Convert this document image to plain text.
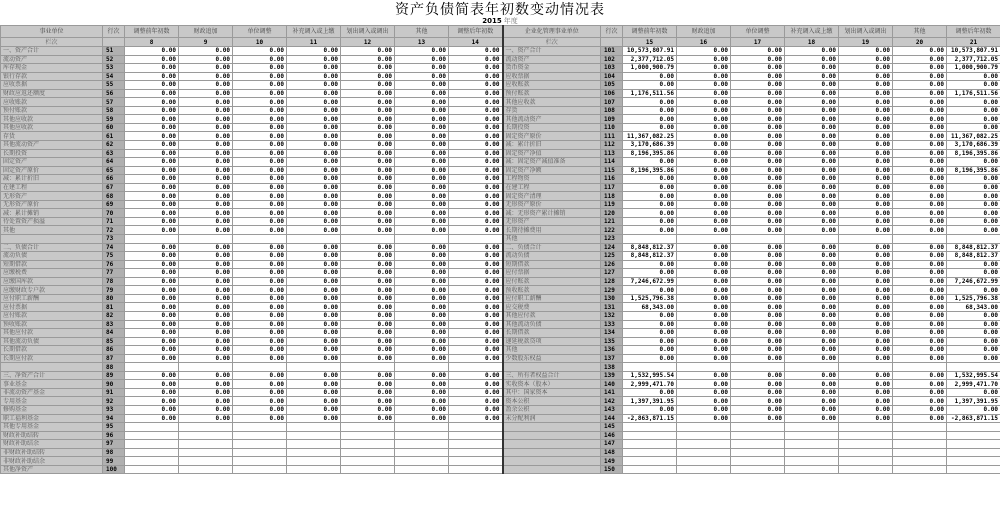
资产负债简表年初数变动情况表
2015 年度
事业单位	行次	调整前年初数	财政追加	单位调整	补充调入或上缴	划出调入或调出	其他	调整后年初数	企业化管理事业单位	行次	调整前年初数	财政追加	单位调整	补充调入或上缴	划出调入或调出	其他	调整后年初数
栏次		8	9	10	11	12	13	14	栏次		15	16	17	18	19	20	21
一、资产合计	51	0.00	0.00	0.00	0.00	0.00	0.00	0.00	一、资产合计	101	10,573,807.91	0.00	0.00	0.00	0.00	0.00	10,573,807.91
流动资产	52	0.00	0.00	0.00	0.00	0.00	0.00	0.00	流动资产	102	2,377,712.05	0.00	0.00	0.00	0.00	0.00	2,377,712.05
库存现金	53	0.00	0.00	0.00	0.00	0.00	0.00	0.00	货币资金	103	1,000,900.79	0.00	0.00	0.00	0.00	0.00	1,000,900.79
银行存款	54	0.00	0.00	0.00	0.00	0.00	0.00	0.00	应收票据	104	0.00	0.00	0.00	0.00	0.00	0.00	0.00
应收票据	55	0.00	0.00	0.00	0.00	0.00	0.00	0.00	应收账款	105	0.00	0.00	0.00	0.00	0.00	0.00	0.00
财政应返还额度	56	0.00	0.00	0.00	0.00	0.00	0.00	0.00	预付账款	106	1,176,511.56	0.00	0.00	0.00	0.00	0.00	1,176,511.56
应收账款	57	0.00	0.00	0.00	0.00	0.00	0.00	0.00	其他应收款	107	0.00	0.00	0.00	0.00	0.00	0.00	0.00
预付账款	58	0.00	0.00	0.00	0.00	0.00	0.00	0.00	存货	108	0.00	0.00	0.00	0.00	0.00	0.00	0.00
其他应收款	59	0.00	0.00	0.00	0.00	0.00	0.00	0.00	其他流动资产	109	0.00	0.00	0.00	0.00	0.00	0.00	0.00
其他应收款	60	0.00	0.00	0.00	0.00	0.00	0.00	0.00	长期投资	110	0.00	0.00	0.00	0.00	0.00	0.00	0.00
存货	61	0.00	0.00	0.00	0.00	0.00	0.00	0.00	固定资产原价	111	11,367,082.25	0.00	0.00	0.00	0.00	0.00	11,367,082.25
其他流动资产	62	0.00	0.00	0.00	0.00	0.00	0.00	0.00	减：累计折旧	112	3,170,686.39	0.00	0.00	0.00	0.00	0.00	3,170,686.39
长期投资	63	0.00	0.00	0.00	0.00	0.00	0.00	0.00	固定资产净值	113	8,196,395.86	0.00	0.00	0.00	0.00	0.00	8,196,395.86
固定资产	64	0.00	0.00	0.00	0.00	0.00	0.00	0.00	减：固定资产减值准备	114	0.00	0.00	0.00	0.00	0.00	0.00	0.00
固定资产原价	65	0.00	0.00	0.00	0.00	0.00	0.00	0.00	固定资产净额	115	8,196,395.86	0.00	0.00	0.00	0.00	0.00	8,196,395.86
减：累计折旧	66	0.00	0.00	0.00	0.00	0.00	0.00	0.00	工程物资	116	0.00	0.00	0.00	0.00	0.00	0.00	0.00
在建工程	67	0.00	0.00	0.00	0.00	0.00	0.00	0.00	在建工程	117	0.00	0.00	0.00	0.00	0.00	0.00	0.00
无形资产	68	0.00	0.00	0.00	0.00	0.00	0.00	0.00	固定资产清理	118	0.00	0.00	0.00	0.00	0.00	0.00	0.00
无形资产原价	69	0.00	0.00	0.00	0.00	0.00	0.00	0.00	无形资产原价	119	0.00	0.00	0.00	0.00	0.00	0.00	0.00
减：累计摊销	70	0.00	0.00	0.00	0.00	0.00	0.00	0.00	减：无形资产累计摊销	120	0.00	0.00	0.00	0.00	0.00	0.00	0.00
待处置资产损溢	71	0.00	0.00	0.00	0.00	0.00	0.00	0.00	无形资产	121	0.00	0.00	0.00	0.00	0.00	0.00	0.00
其他	72	0.00	0.00	0.00	0.00	0.00	0.00	0.00	长期待摊费用	122	0.00	0.00	0.00	0.00	0.00	0.00	0.00
	73								其他	123							
二、负债合计	74	0.00	0.00	0.00	0.00	0.00	0.00	0.00	二、负债合计	124	8,848,812.37	0.00	0.00	0.00	0.00	0.00	8,848,812.37
流动负债	75	0.00	0.00	0.00	0.00	0.00	0.00	0.00	流动负债	125	8,848,812.37	0.00	0.00	0.00	0.00	0.00	8,848,812.37
短期借款	76	0.00	0.00	0.00	0.00	0.00	0.00	0.00	短期借款	126	0.00	0.00	0.00	0.00	0.00	0.00	0.00
应缴税费	77	0.00	0.00	0.00	0.00	0.00	0.00	0.00	应付票据	127	0.00	0.00	0.00	0.00	0.00	0.00	0.00
应缴国库款	78	0.00	0.00	0.00	0.00	0.00	0.00	0.00	应付账款	128	7,246,672.99	0.00	0.00	0.00	0.00	0.00	7,246,672.99
应缴财政专户款	79	0.00	0.00	0.00	0.00	0.00	0.00	0.00	预收账款	129	0.00	0.00	0.00	0.00	0.00	0.00	0.00
应付职工薪酬	80	0.00	0.00	0.00	0.00	0.00	0.00	0.00	应付职工薪酬	130	1,525,796.38	0.00	0.00	0.00	0.00	0.00	1,525,796.38
应付票据	81	0.00	0.00	0.00	0.00	0.00	0.00	0.00	应交税费	131	68,343.00	0.00	0.00	0.00	0.00	0.00	68,343.00
应付账款	82	0.00	0.00	0.00	0.00	0.00	0.00	0.00	其他应付款	132	0.00	0.00	0.00	0.00	0.00	0.00	0.00
预收账款	83	0.00	0.00	0.00	0.00	0.00	0.00	0.00	其他流动负债	133	0.00	0.00	0.00	0.00	0.00	0.00	0.00
其他应付款	84	0.00	0.00	0.00	0.00	0.00	0.00	0.00	长期借款	134	0.00	0.00	0.00	0.00	0.00	0.00	0.00
其他流动负债	85	0.00	0.00	0.00	0.00	0.00	0.00	0.00	递延税款贷项	135	0.00	0.00	0.00	0.00	0.00	0.00	0.00
长期借款	86	0.00	0.00	0.00	0.00	0.00	0.00	0.00	其他	136	0.00	0.00	0.00	0.00	0.00	0.00	0.00
长期应付款	87	0.00	0.00	0.00	0.00	0.00	0.00	0.00	少数股东权益	137	0.00	0.00	0.00	0.00	0.00	0.00	0.00
	88									138							
三、净资产合计	89	0.00	0.00	0.00	0.00	0.00	0.00	0.00	三、所有者权益合计	139	1,532,995.54	0.00	0.00	0.00	0.00	0.00	1,532,995.54
事业基金	90	0.00	0.00	0.00	0.00	0.00	0.00	0.00	实收资本（股本）	140	2,999,471.70	0.00	0.00	0.00	0.00	0.00	2,999,471.70
非流动资产基金	91	0.00	0.00	0.00	0.00	0.00	0.00	0.00	其中：国家资本	141	0.00	0.00	0.00	0.00	0.00	0.00	0.00
专用基金	92	0.00	0.00	0.00	0.00	0.00	0.00	0.00	资本公积	142	1,397,391.95	0.00	0.00	0.00	0.00	0.00	1,397,391.95
修购基金	93	0.00	0.00	0.00	0.00	0.00	0.00	0.00	盈余公积	143	0.00	0.00	0.00	0.00	0.00	0.00	0.00
职工福利基金	94	0.00	0.00	0.00	0.00	0.00	0.00	0.00	未分配利润	144	-2,863,871.15	0.00	0.00	0.00	0.00	0.00	-2,863,871.15
其他专用基金	95									145							
财政补助结转	96									146							
财政补助结余	97									147							
非财政补助结转	98									148							
非财政补助结余	99									149							
其他净资产	100									150							
